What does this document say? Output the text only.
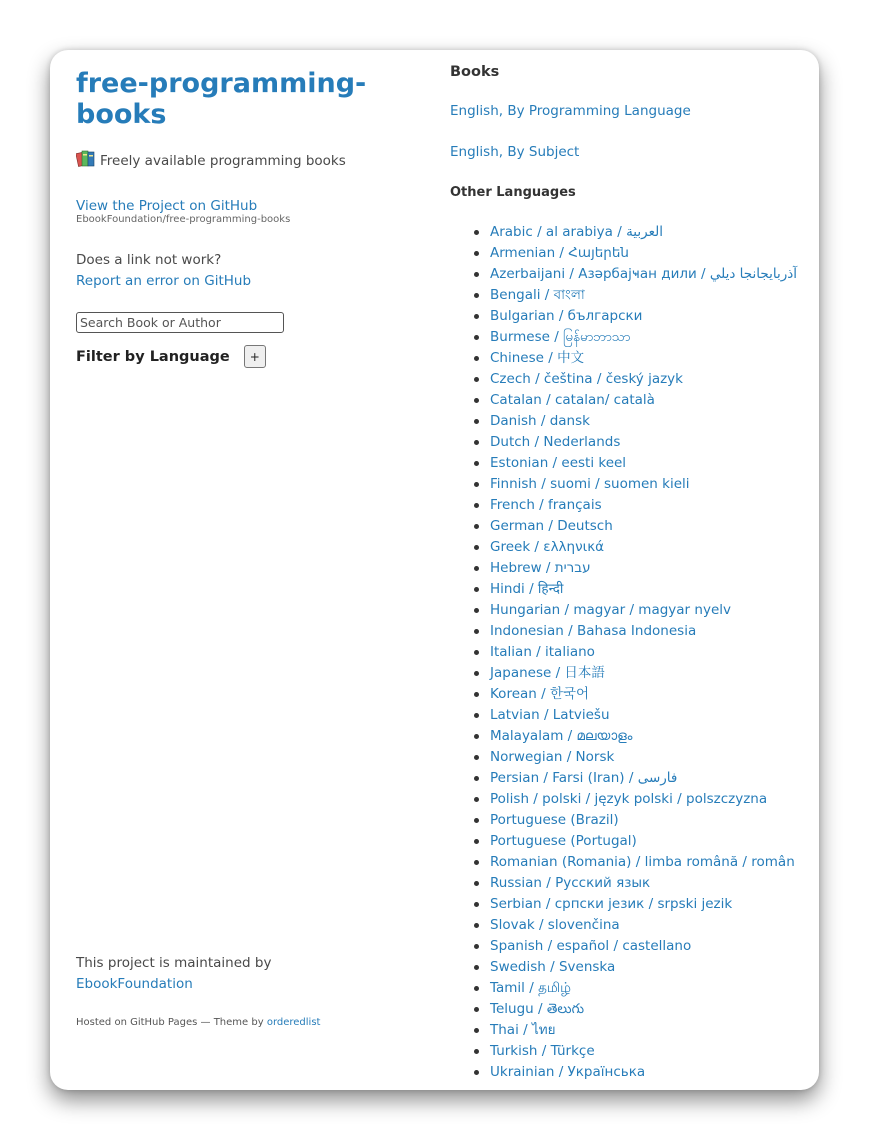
free-programming-books
Freely available programming books
View the Project on GitHub
EbookFoundation/free-programming-books
Does a link not work?
Report an error on GitHub
Search Book or Author
Filter by Language	+
This project is maintained by
EbookFoundation
Hosted on GitHub Pages — Theme by orderedlist
Books
English, By Programming Language
English, By Subject
Other Languages
Arabic / al arabiya / العربية
Armenian / Հայերեն
Azerbaijani / Азәрбајҹан дили / آذربايجانجا ديلي
Bengali / বাংলা
Bulgarian / български
Burmese / မြန်မာဘာသာ
Chinese / 中文
Czech / čeština / český jazyk
Catalan / catalan/ català
Danish / dansk
Dutch / Nederlands
Estonian / eesti keel
Finnish / suomi / suomen kieli
French / français
German / Deutsch
Greek / ελληνικά
Hebrew / עברית
Hindi / हिन्दी
Hungarian / magyar / magyar nyelv
Indonesian / Bahasa Indonesia
Italian / italiano
Japanese / 日本語
Korean / 한국어
Latvian / Latviešu
Malayalam / മലയാളം
Norwegian / Norsk
Persian / Farsi (Iran) / فارسى
Polish / polski / język polski / polszczyzna
Portuguese (Brazil)
Portuguese (Portugal)
Romanian (Romania) / limba română / român
Russian / Русский язык
Serbian / српски језик / srpski jezik
Slovak / slovenčina
Spanish / español / castellano
Swedish / Svenska
Tamil / தமிழ்
Telugu / తెలుగు
Thai / ไทย
Turkish / Türkçe
Ukrainian / Українська
